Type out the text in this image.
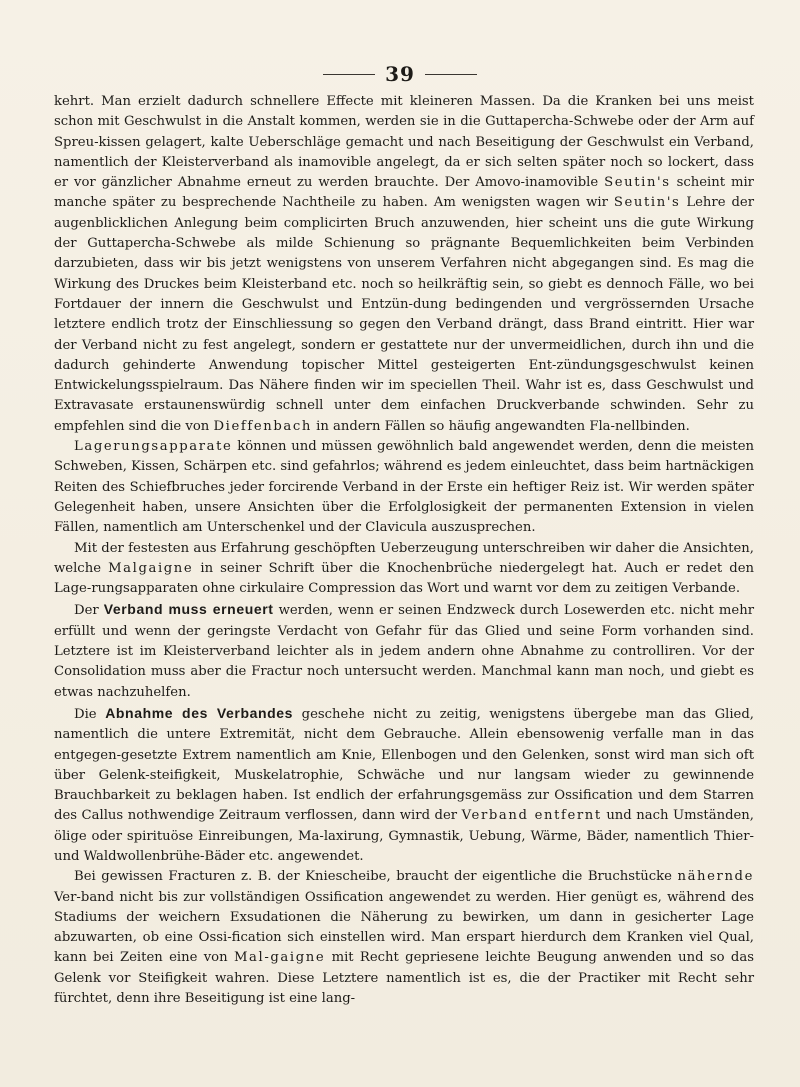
39

kehrt. Man erzielt dadurch schnellere Effecte mit kleineren Massen. Da die Kranken bei uns meist schon mit Geschwulst in die Anstalt kommen, werden sie in die Guttapercha-Schwebe oder der Arm auf Spreu-kissen gelagert, kalte Ueberschläge gemacht und nach Beseitigung der Geschwulst ein Verband, namentlich der Kleisterverband als inamovible angelegt, da er sich selten später noch so lockert, dass er vor gänzlicher Abnahme erneut zu werden brauchte. Der Amovo-inamovible Seutin's scheint mir manche später zu besprechende Nachtheile zu haben. Am wenigsten wagen wir Seutin's Lehre der augenblicklichen Anlegung beim complicirten Bruch anzuwenden, hier scheint uns die gute Wirkung der Guttapercha-Schwebe als milde Schienung so prägnante Bequemlichkeiten beim Verbinden darzubieten, dass wir bis jetzt wenigstens von unserem Verfahren nicht abgegangen sind. Es mag die Wirkung des Druckes beim Kleisterband etc. noch so heilkräftig sein, so giebt es dennoch Fälle, wo bei Fortdauer der innern die Geschwulst und Entzün-dung bedingenden und vergrössernden Ursache letztere endlich trotz der Einschliessung so gegen den Verband drängt, dass Brand eintritt. Hier war der Verband nicht zu fest angelegt, sondern er gestattete nur der unvermeidlichen, durch ihn und die dadurch gehinderte Anwendung topischer Mittel gesteigerten Ent-zündungsgeschwulst keinen Entwickelungsspielraum. Das Nähere finden wir im speciellen Theil. Wahr ist es, dass Geschwulst und Extravasate erstaunenswürdig schnell unter dem einfachen Druckverbande schwinden. Sehr zu empfehlen sind die von Dieffenbach in andern Fällen so häufig angewandten Fla-nellbinden.

Lagerungsapparate können und müssen gewöhnlich bald angewendet werden, denn die meisten Schweben, Kissen, Schärpen etc. sind gefahrlos; während es jedem einleuchtet, dass beim hartnäckigen Reiten des Schiefbruches jeder forcirende Verband in der Erste ein heftiger Reiz ist. Wir werden später Gelegenheit haben, unsere Ansichten über die Erfolglosigkeit der permanenten Extension in vielen Fällen, namentlich am Unterschenkel und der Clavicula auszusprechen.

Mit der festesten aus Erfahrung geschöpften Ueberzeugung unterschreiben wir daher die Ansichten, welche Malgaigne in seiner Schrift über die Knochenbrüche niedergelegt hat. Auch er redet den Lage-rungsapparaten ohne cirkulaire Compression das Wort und warnt vor dem zu zeitigen Verbande.

Der Verband muss erneuert werden, wenn er seinen Endzweck durch Losewerden etc. nicht mehr erfüllt und wenn der geringste Verdacht von Gefahr für das Glied und seine Form vorhanden sind. Letztere ist im Kleisterverband leichter als in jedem andern ohne Abnahme zu controlliren. Vor der Consolidation muss aber die Fractur noch untersucht werden. Manchmal kann man noch, und giebt es etwas nachzuhelfen.

Die Abnahme des Verbandes geschehe nicht zu zeitig, wenigstens übergebe man das Glied, namentlich die untere Extremität, nicht dem Gebrauche. Allein ebensowenig verfalle man in das entgegen-gesetzte Extrem namentlich am Knie, Ellenbogen und den Gelenken, sonst wird man sich oft über Gelenk-steifigkeit, Muskelatrophie, Schwäche und nur langsam wieder zu gewinnende Brauchbarkeit zu beklagen haben. Ist endlich der erfahrungsgemäss zur Ossification und dem Starren des Callus nothwendige Zeitraum verflossen, dann wird der Verband entfernt und nach Umständen, ölige oder spirituöse Einreibungen, Ma-laxirung, Gymnastik, Uebung, Wärme, Bäder, namentlich Thier- und Waldwollenbrühe-Bäder etc. angewendet.

Bei gewissen Fracturen z. B. der Kniescheibe, braucht der eigentliche die Bruchstücke nähernde Ver-band nicht bis zur vollständigen Ossification angewendet zu werden. Hier genügt es, während des Stadiums der weichern Exsudationen die Näherung zu bewirken, um dann in gesicherter Lage abzuwarten, ob eine Ossi-fication sich einstellen wird. Man erspart hierdurch dem Kranken viel Qual, kann bei Zeiten eine von Mal-gaigne mit Recht gepriesene leichte Beugung anwenden und so das Gelenk vor Steifigkeit wahren. Diese Letztere namentlich ist es, die der Practiker mit Recht sehr fürchtet, denn ihre Beseitigung ist eine lang-
